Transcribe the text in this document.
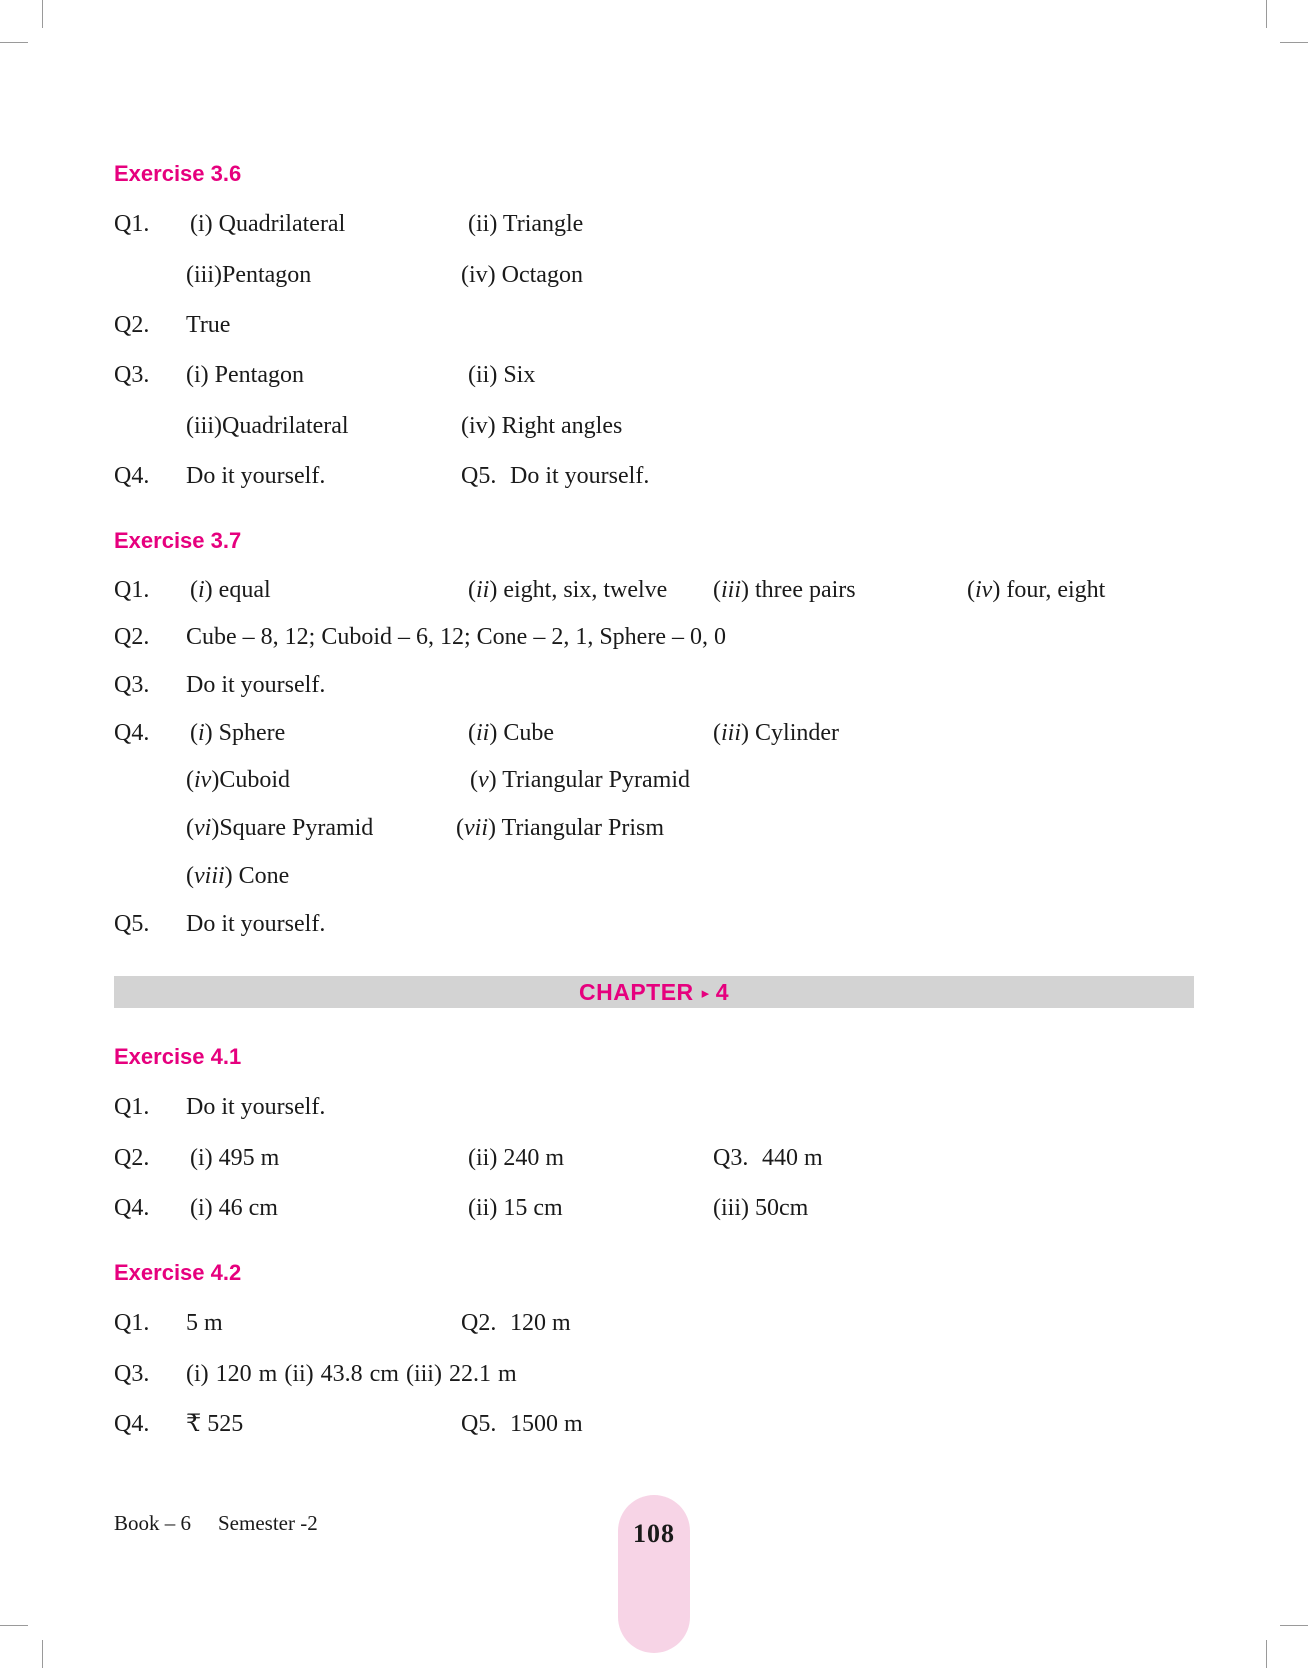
Exercise 3.6
Q1. (i) Quadrilateral	(ii) Triangle
(iii)Pentagon	(iv) Octagon
Q2. True
Q3. (i) Pentagon	(ii) Six
(iii)Quadrilateral	(iv) Right angles
Q4. Do it yourself.	Q5. Do it yourself.
Exercise 3.7
Q1. (i) equal	(ii) eight, six, twelve (iii) three pairs	(iv) four, eight
Q2. Cube – 8, 12; Cuboid – 6, 12; Cone – 2, 1, Sphere – 0, 0
Q3. Do it yourself.
Q4. (i) Sphere	(ii) Cube	(iii) Cylinder
(iv)Cuboid	(v) Triangular Pyramid
(vi)Square Pyramid	(vii) Triangular Prism
(viii) Cone
Q5. Do it yourself.
CHAPTER ▸ 4
Exercise 4.1
Q1. Do it yourself.
Q2. (i) 495 m	(ii) 240 m	Q3. 440 m
Q4. (i) 46 cm	(ii) 15 cm	(iii) 50cm
Exercise 4.2
Q1. 5 m	Q2. 120 m
Q3. (i) 120 m (ii) 43.8 cm (iii) 22.1 m
Q4. ₹ 525	Q5. 1500 m
Book – 6 Semester -2	108
